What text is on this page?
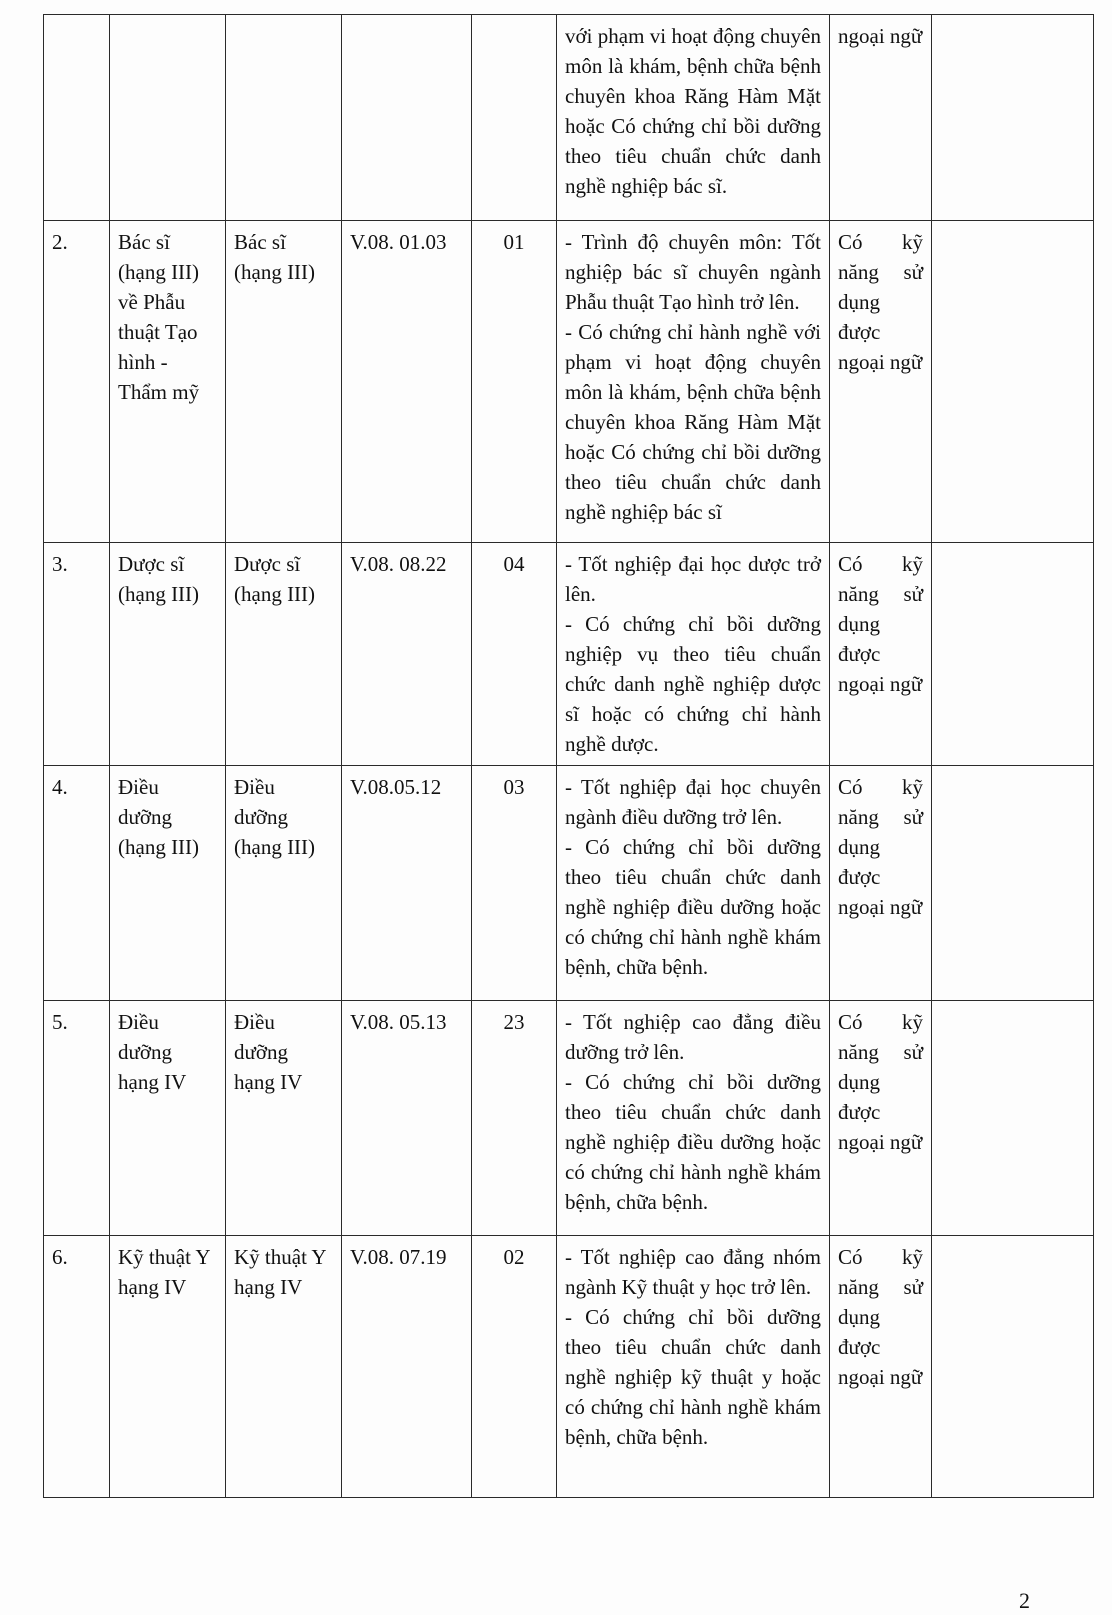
					với phạm vi hoạt động chuyên môn là khám, bệnh chữa bệnh chuyên khoa Răng Hàm Mặt hoặc Có chứng chỉ bồi dưỡng theo tiêu chuẩn chức danh nghề nghiệp bác sĩ.	ngoại ngữ	
2.	Bác sĩ (hạng III) về Phẫu thuật Tạo hình - Thẩm mỹ	Bác sĩ (hạng III)	V.08. 01.03	01	- Trình độ chuyên môn: Tốt nghiệp bác sĩ chuyên ngành Phẫu thuật Tạo hình trở lên.
- Có chứng chỉ hành nghề với phạm vi hoạt động chuyên môn là khám, bệnh chữa bệnh chuyên khoa Răng Hàm Mặt hoặc Có chứng chỉ bồi dưỡng theo tiêu chuẩn chức danh nghề nghiệp bác sĩ	Có kỹ năng sử dụng được ngoại ngữ	
3.	Dược sĩ (hạng III)	Dược sĩ (hạng III)	V.08. 08.22	04	- Tốt nghiệp đại học dược trở lên.
- Có chứng chỉ bồi dưỡng nghiệp vụ theo tiêu chuẩn chức danh nghề nghiệp dược sĩ hoặc có chứng chỉ hành nghề dược.	Có kỹ năng sử dụng được ngoại ngữ	
4.	Điều dưỡng (hạng III)	Điều dưỡng (hạng III)	V.08.05.12	03	- Tốt nghiệp đại học chuyên ngành điều dưỡng trở lên.
- Có chứng chỉ bồi dưỡng theo tiêu chuẩn chức danh nghề nghiệp điều dưỡng hoặc có chứng chỉ hành nghề khám bệnh, chữa bệnh.	Có kỹ năng sử dụng được ngoại ngữ	
5.	Điều dưỡng hạng IV	Điều dưỡng hạng IV	V.08. 05.13	23	- Tốt nghiệp cao đẳng điều dưỡng trở lên.
- Có chứng chỉ bồi dưỡng theo tiêu chuẩn chức danh nghề nghiệp điều dưỡng hoặc có chứng chỉ hành nghề khám bệnh, chữa bệnh.	Có kỹ năng sử dụng được ngoại ngữ	
6.	Kỹ thuật Y hạng IV	Kỹ thuật Y hạng IV	V.08. 07.19	02	- Tốt nghiệp cao đẳng nhóm ngành Kỹ thuật y học trở lên.
- Có chứng chỉ bồi dưỡng theo tiêu chuẩn chức danh nghề nghiệp kỹ thuật y hoặc có chứng chỉ hành nghề khám bệnh, chữa bệnh.	Có kỹ năng sử dụng được ngoại ngữ	
2
